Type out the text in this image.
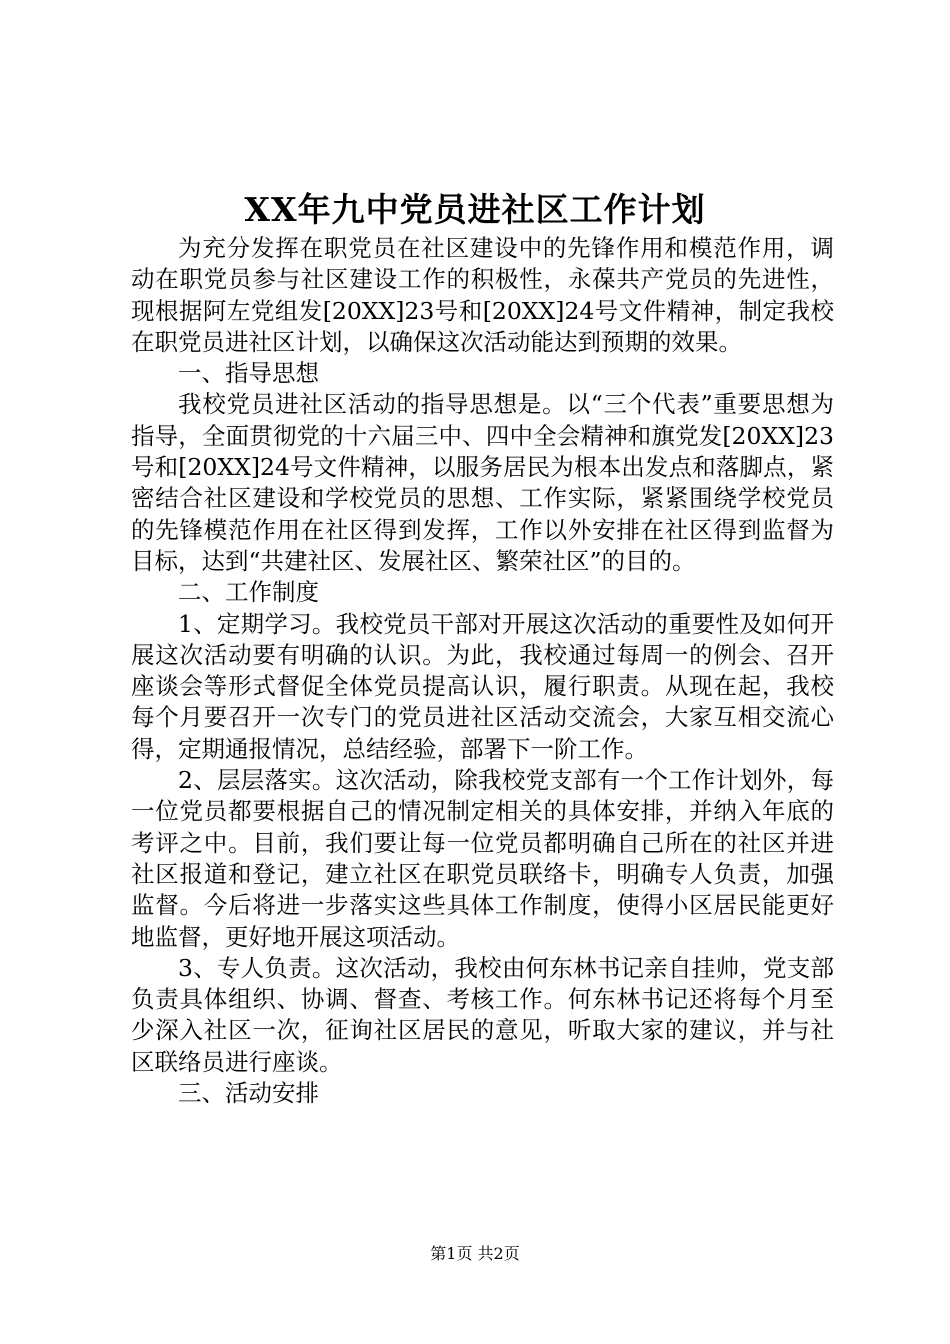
XX年九中党员进社区工作计划

为充分发挥在职党员在社区建设中的先锋作用和模范作用，调动在职党员参与社区建设工作的积极性，永葆共产党员的先进性，现根据阿左党组发[20XX]23号和[20XX]24号文件精神，制定我校在职党员进社区计划，以确保这次活动能达到预期的效果。

一、指导思想

我校党员进社区活动的指导思想是。以“三个代表”重要思想为指导，全面贯彻党的十六届三中、四中全会精神和旗党发[20XX]23号和[20XX]24号文件精神，以服务居民为根本出发点和落脚点，紧密结合社区建设和学校党员的思想、工作实际，紧紧围绕学校党员的先锋模范作用在社区得到发挥，工作以外安排在社区得到监督为目标，达到“共建社区、发展社区、繁荣社区”的目的。

二、工作制度

1、定期学习。我校党员干部对开展这次活动的重要性及如何开展这次活动要有明确的认识。为此，我校通过每周一的例会、召开座谈会等形式督促全体党员提高认识，履行职责。从现在起，我校每个月要召开一次专门的党员进社区活动交流会，大家互相交流心得，定期通报情况，总结经验，部署下一阶工作。

2、层层落实。这次活动，除我校党支部有一个工作计划外，每一位党员都要根据自己的情况制定相关的具体安排，并纳入年底的考评之中。目前，我们要让每一位党员都明确自己所在的社区并进社区报道和登记，建立社区在职党员联络卡，明确专人负责，加强监督。今后将进一步落实这些具体工作制度，使得小区居民能更好地监督，更好地开展这项活动。

3、专人负责。这次活动，我校由何东林书记亲自挂帅，党支部负责具体组织、协调、督查、考核工作。何东林书记还将每个月至少深入社区一次，征询社区居民的意见，听取大家的建议，并与社区联络员进行座谈。

三、活动安排

第1页 共2页
